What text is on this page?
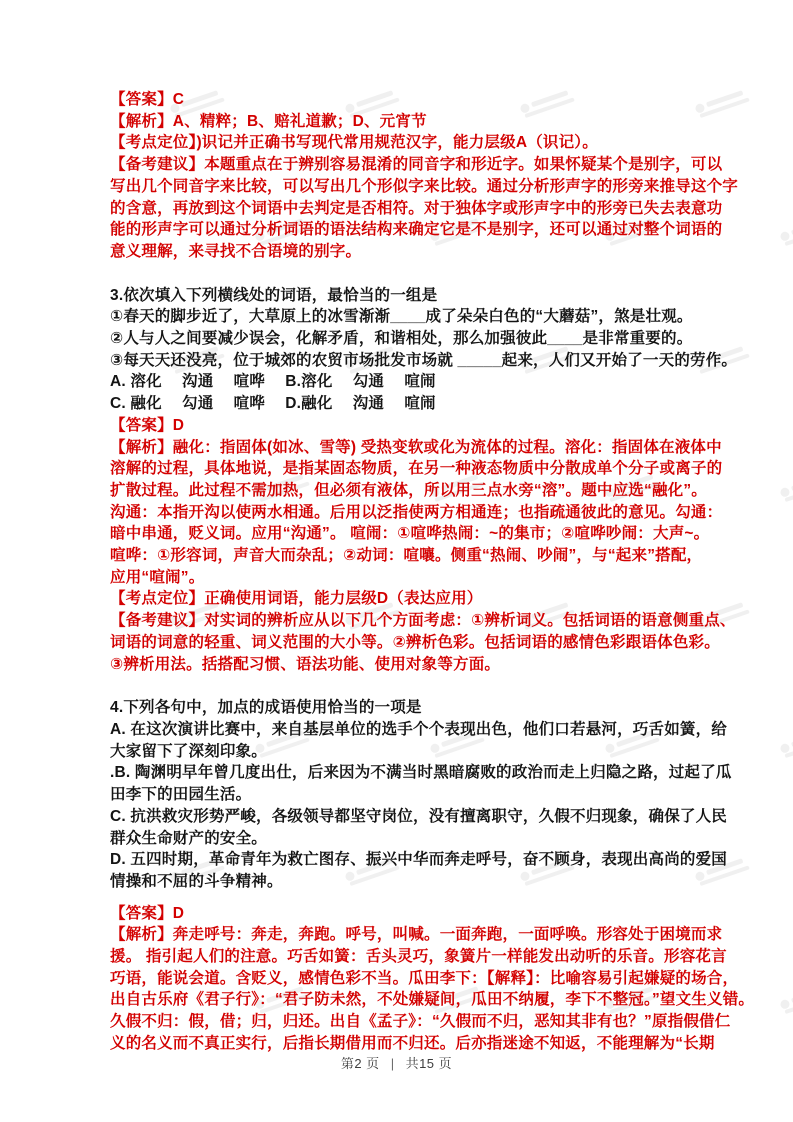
【答案】C
【解析】A、精粹；B、赔礼道歉；D、元宵节
【考点定位】)识记并正确书写现代常用规范汉字，能力层级A（识记）。
【备考建议】本题重点在于辨别容易混淆的同音字和形近字。如果怀疑某个是别字，可以
写出几个同音字来比较，可以写出几个形似字来比较。通过分析形声字的形旁来推导这个字
的含意，再放到这个词语中去判定是否相符。对于独体字或形声字中的形旁已失去表意功
能的形声字可以通过分析词语的语法结构来确定它是不是别字，还可以通过对整个词语的
意义理解，来寻找不合语境的别字。
3.依次填入下列横线处的词语，最恰当的一组是
①春天的脚步近了，大草原上的冰雪渐渐____成了朵朵白色的“大蘑菇”，煞是壮观。
②人与人之间要减少误会，化解矛盾，和谐相处，那么加强彼此____是非常重要的。
③每天天还没亮，位于城郊的农贸市场批发市场就 _____起来，人们又开始了一天的劳作。
A. 溶化　 沟通　 喧哗　 B.溶化　 勾通　 喧闹
C. 融化　 勾通　 喧哗　 D.融化　 沟通　 喧闹
【答案】D
【解析】融化：指固体(如冰、雪等) 受热变软或化为流体的过程。溶化：指固体在液体中
溶解的过程，具体地说，是指某固态物质，在另一种液态物质中分散成单个分子或离子的
扩散过程。此过程不需加热，但必须有液体，所以用三点水旁“溶”。题中应选“融化”。
沟通：本指开沟以使两水相通。后用以泛指使两方相通连；也指疏通彼此的意见。勾通：
暗中串通，贬义词。应用“沟通”。 喧闹：①喧哗热闹：~的集市；②喧哗吵闹：大声~。
喧哗：①形容词，声音大而杂乱；②动词：喧嚷。侧重“热闹、吵闹”，与“起来”搭配，
应用“喧闹”。
【考点定位】正确使用词语，能力层级D（表达应用）
【备考建议】对实词的辨析应从以下几个方面考虑：①辨析词义。包括词语的语意侧重点、
词语的词意的轻重、词义范围的大小等。②辨析色彩。包括词语的感情色彩跟语体色彩。
③辨析用法。括搭配习惯、语法功能、使用对象等方面。
4.下列各句中，加点的成语使用恰当的一项是
A. 在这次演讲比赛中，来自基层单位的选手个个表现出色，他们口若悬河，巧舌如簧，给
大家留下了深刻印象。
.B. 陶渊明早年曾几度出仕，后来因为不满当时黑暗腐败的政治而走上归隐之路，过起了瓜
田李下的田园生活。
C. 抗洪救灾形势严峻，各级领导都坚守岗位，没有擅离职守，久假不归现象，确保了人民
群众生命财产的安全。
D. 五四时期，革命青年为救亡图存、振兴中华而奔走呼号，奋不顾身，表现出高尚的爱国
情操和不屈的斗争精神。
【答案】D
【解析】奔走呼号：奔走，奔跑。呼号，叫喊。一面奔跑，一面呼唤。形容处于困境而求
援。 指引起人们的注意。巧舌如簧：舌头灵巧，象簧片一样能发出动听的乐音。形容花言
巧语，能说会道。含贬义，感情色彩不当。瓜田李下：【解释】：比喻容易引起嫌疑的场合，
出自古乐府《君子行》：“君子防未然，不处嫌疑间，瓜田不纳履，李下不整冠。”望文生义错。
久假不归：假，借；归，归还。出自《孟子》：“久假而不归，恶知其非有也？”原指假借仁
义的名义而不真正实行，后指长期借用而不归还。后亦指迷途不知返，不能理解为“长期
第2 页 | 共15 页
